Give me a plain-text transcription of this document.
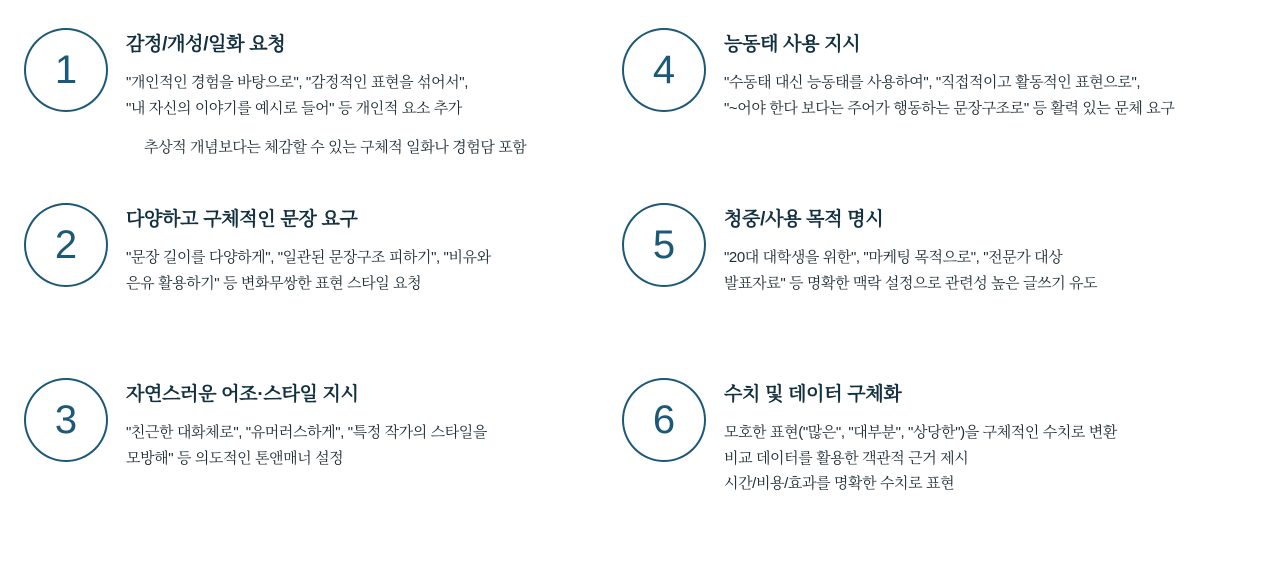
1
감정/개성/일화 요청
"개인적인 경험을 바탕으로", "감정적인 표현을 섞어서",
"내 자신의 이야기를 예시로 들어" 등 개인적 요소 추가
추상적 개념보다는 체감할 수 있는 구체적 일화나 경험담 포함
4
능동태 사용 지시
"수동태 대신 능동태를 사용하여", "직접적이고 활동적인 표현으로",
"~어야 한다 보다는 주어가 행동하는 문장구조로" 등 활력 있는 문체 요구
2
다양하고 구체적인 문장 요구
"문장 길이를 다양하게", "일관된 문장구조 피하기", "비유와
은유 활용하기" 등 변화무쌍한 표현 스타일 요청
5
청중/사용 목적 명시
"20대 대학생을 위한", "마케팅 목적으로", "전문가 대상
발표자료" 등 명확한 맥락 설정으로 관련성 높은 글쓰기 유도
3
자연스러운 어조·스타일 지시
"친근한 대화체로", "유머러스하게", "특정 작가의 스타일을
모방해" 등 의도적인 톤앤매너 설정
6
수치 및 데이터 구체화
모호한 표현("많은", "대부분", "상당한")을 구체적인 수치로 변환
비교 데이터를 활용한 객관적 근거 제시
시간/비용/효과를 명확한 수치로 표현
